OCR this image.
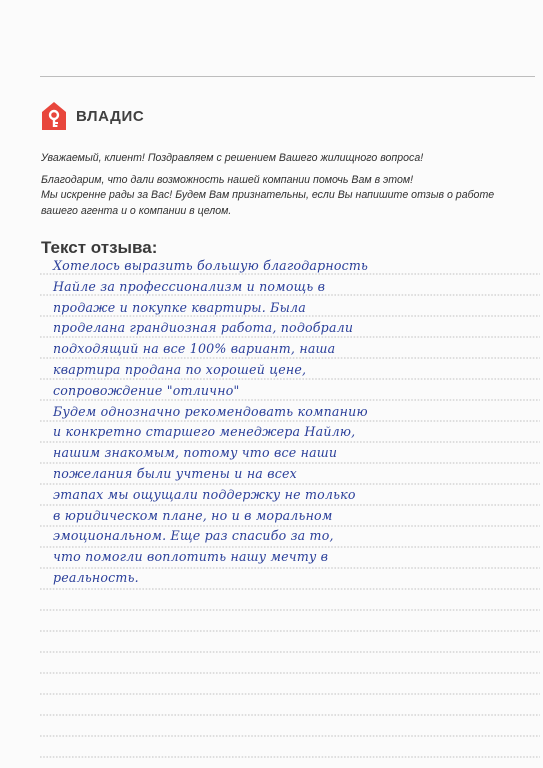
ВЛАДИС

Уважаемый, клиент! Поздравляем с решением Вашего жилищного вопроса!

Благодарим, что дали возможность нашей компании помочь Вам в этом!

Мы искренне рады за Вас! Будем Вам признательны, если Вы напишите отзыв о работе

вашего агента и о компании в целом.

Текст отзыва:
Хотелось выразить большую благодарность
Найле за профессионализм и помощь в
продаже и покупке квартиры. Была
проделана грандиозная работа, подобрали
подходящий на все 100% вариант, наша
квартира продана по хорошей цене,
сопровождение "отлично"
Будем однозначно рекомендовать компанию
и конкретно старшего менеджера Найлю,
нашим знакомым, потому что все наши
пожелания были учтены и на всех
этапах мы ощущали поддержку не только
в юридическом плане, но и в моральном
эмоциональном. Еще раз спасибо за то,
что помогли воплотить нашу мечту в
реальность.
